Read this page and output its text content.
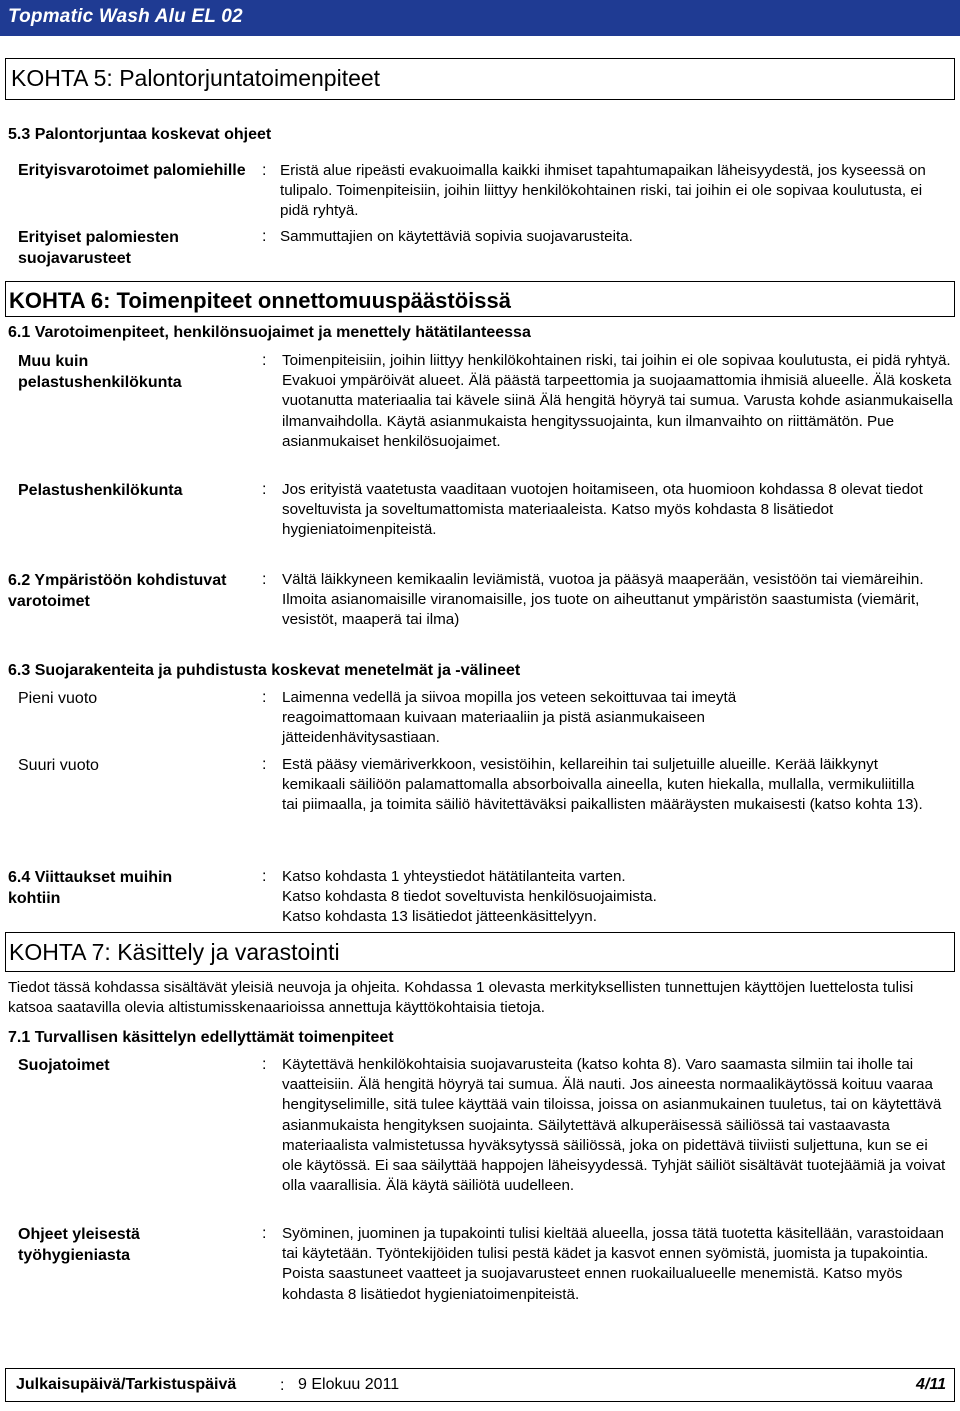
Topmatic Wash Alu EL 02
KOHTA 5: Palontorjuntatoimenpiteet
5.3 Palontorjuntaa koskevat ohjeet
Erityisvarotoimet palomiehille : Eristä alue ripeästi evakuoimalla kaikki ihmiset tapahtumapaikan läheisyydestä, jos kyseessä on tulipalo. Toimenpiteisiin, joihin liittyy henkilökohtainen riski, tai joihin ei ole sopivaa koulutusta, ei pidä ryhtyä.
Erityiset palomiesten suojavarusteet
: Sammuttajien on käytettäviä sopivia suojavarusteita.
KOHTA 6: Toimenpiteet onnettomuuspäästöissä
6.1 Varotoimenpiteet, henkilönsuojaimet ja menettely hätätilanteessa
Muu kuin pelastushenkilökunta
: Toimenpiteisiin, joihin liittyy henkilökohtainen riski, tai joihin ei ole sopivaa koulutusta, ei pidä ryhtyä. Evakuoi ympäröivät alueet. Älä päästä tarpeettomia ja suojaamattomia ihmisiä alueelle. Älä kosketa vuotanutta materiaalia tai kävele siinä Älä hengitä höyryä tai sumua. Varusta kohde asianmukaisella ilmanvaihdolla. Käytä asianmukaista hengityssuojainta, kun ilmanvaihto on riittämätön. Pue asianmukaiset henkilösuojaimet.
Pelastushenkilökunta	: Jos erityistä vaatetusta vaaditaan vuotojen hoitamiseen, ota huomioon kohdassa 8 olevat tiedot soveltuvista ja soveltumattomista materiaaleista. Katso myös kohdasta 8 lisätiedot hygieniatoimenpiteistä.
6.2 Ympäristöön kohdistuvat varotoimet
: Vältä läikkyneen kemikaalin leviämistä, vuotoa ja pääsyä maaperään, vesistöön tai viemäreihin. Ilmoita asianomaisille viranomaisille, jos tuote on aiheuttanut ympäristön saastumista (viemärit, vesistöt, maaperä tai ilma)
6.3 Suojarakenteita ja puhdistusta koskevat menetelmät ja -välineet
Pieni vuoto	: Laimenna vedellä ja siivoa mopilla jos veteen sekoittuvaa tai imeytä reagoimattomaan kuivaan materiaaliin ja pistä asianmukaiseen jätteidenhävitysastiaan.
Suuri vuoto	: Estä pääsy viemäriverkkoon, vesistöihin, kellareihin tai suljetuille alueille. Kerää läikkynyt kemikaali säiliöön palamattomalla absorboivalla aineella, kuten hiekalla, mullalla, vermikuliitilla tai piimaalla, ja toimita säiliö hävitettäväksi paikallisten määräysten mukaisesti (katso kohta 13).
6.4 Viittaukset muihin kohtiin
: Katso kohdasta 1 yhteystiedot hätätilanteita varten.
Katso kohdasta 8 tiedot soveltuvista henkilösuojaimista.
Katso kohdasta 13 lisätiedot jätteenkäsittelyyn.
KOHTA 7: Käsittely ja varastointi
Tiedot tässä kohdassa sisältävät yleisiä neuvoja ja ohjeita. Kohdassa 1 olevasta merkityksellisten tunnettujen käyttöjen luettelosta tulisi katsoa saatavilla olevia altistumisskenaarioissa annettuja käyttökohtaisia tietoja.
7.1 Turvallisen käsittelyn edellyttämät toimenpiteet
Suojatoimet	: Käytettävä henkilökohtaisia suojavarusteita (katso kohta 8). Varo saamasta silmiin tai iholle tai vaatteisiin. Älä hengitä höyryä tai sumua. Älä nauti. Jos aineesta normaalikäytössä koituu vaaraa hengityselimille, sitä tulee käyttää vain tiloissa, joissa on asianmukainen tuuletus, tai on käytettävä asianmukaista hengityksen suojainta. Säilytettävä alkuperäisessä säiliössä tai vastaavasta materiaalista valmistetussa hyväksytyssä säiliössä, joka on pidettävä tiiviisti suljettuna, kun se ei ole käytössä. Ei saa säilyttää happojen läheisyydessä. Tyhjät säiliöt sisältävät tuotejäämiä ja voivat olla vaarallisia. Älä käytä säiliötä uudelleen.
Ohjeet yleisestä työhygieniasta
: Syöminen, juominen ja tupakointi tulisi kieltää alueella, jossa tätä tuotetta käsitellään, varastoidaan tai käytetään. Työntekijöiden tulisi pestä kädet ja kasvot ennen syömistä, juomista ja tupakointia. Poista saastuneet vaatteet ja suojavarusteet ennen ruokailualueelle menemistä. Katso myös kohdasta 8 lisätiedot hygieniatoimenpiteistä.
Julkaisupäivä/Tarkistuspäivä	: 9 Elokuu 2011	4/11
